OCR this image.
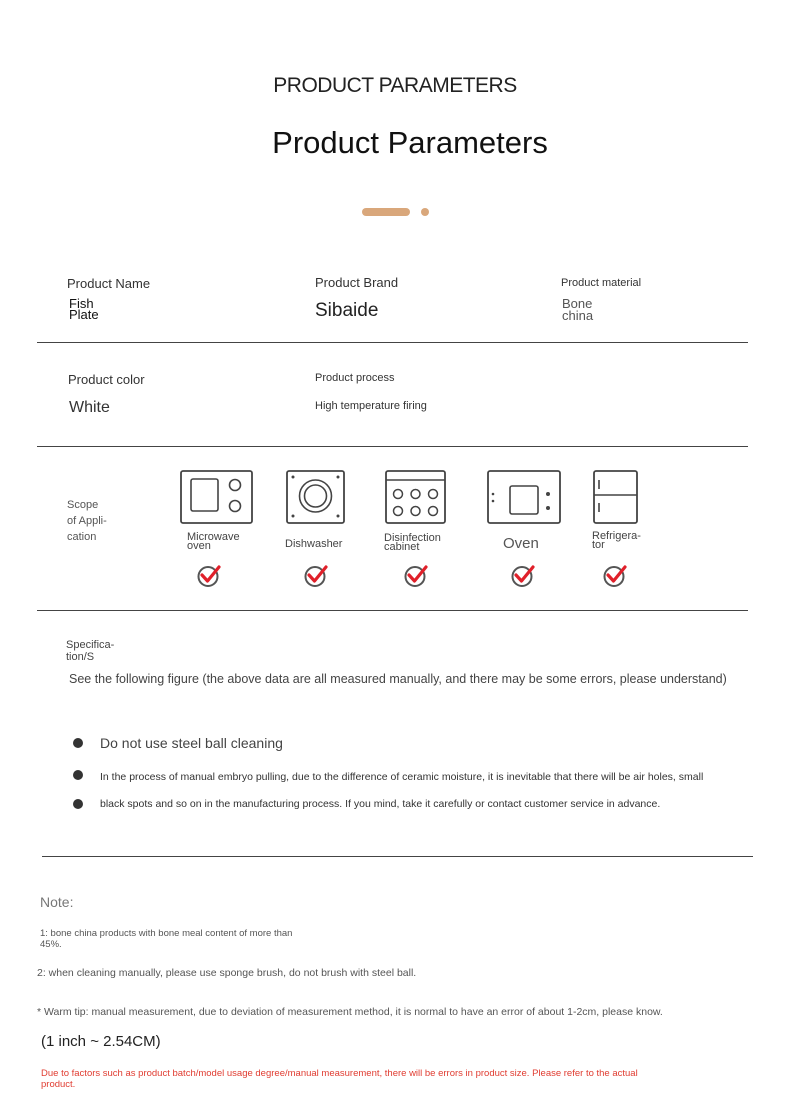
PRODUCT PARAMETERS
Product Parameters
Product Name
Fish
Plate
Product Brand
Sibaide
Product material
Bone
china
Product color
White
Product process
High temperature firing
Scope
of Appli-
cation	Microwave
oven	Dishwasher	Disinfection
cabinet	Oven	Refrigera-
tor
Specifica-
tion/S
See the following figure (the above data are all measured manually, and there may be some errors, please understand)
Do not use steel ball cleaning
In the process of manual embryo pulling, due to the difference of ceramic moisture, it is inevitable that there will be air holes, small
black spots and so on in the manufacturing process. If you mind, take it carefully or contact customer service in advance.
Note:
1: bone china products with bone meal content of more than
45%.
2: when cleaning manually, please use sponge brush, do not brush with steel ball.
* Warm tip: manual measurement, due to deviation of measurement method, it is normal to have an error of about 1-2cm, please know.
(1 inch ~ 2.54CM)
Due to factors such as product batch/model usage degree/manual measurement, there will be errors in product size. Please refer to the actual
product.
